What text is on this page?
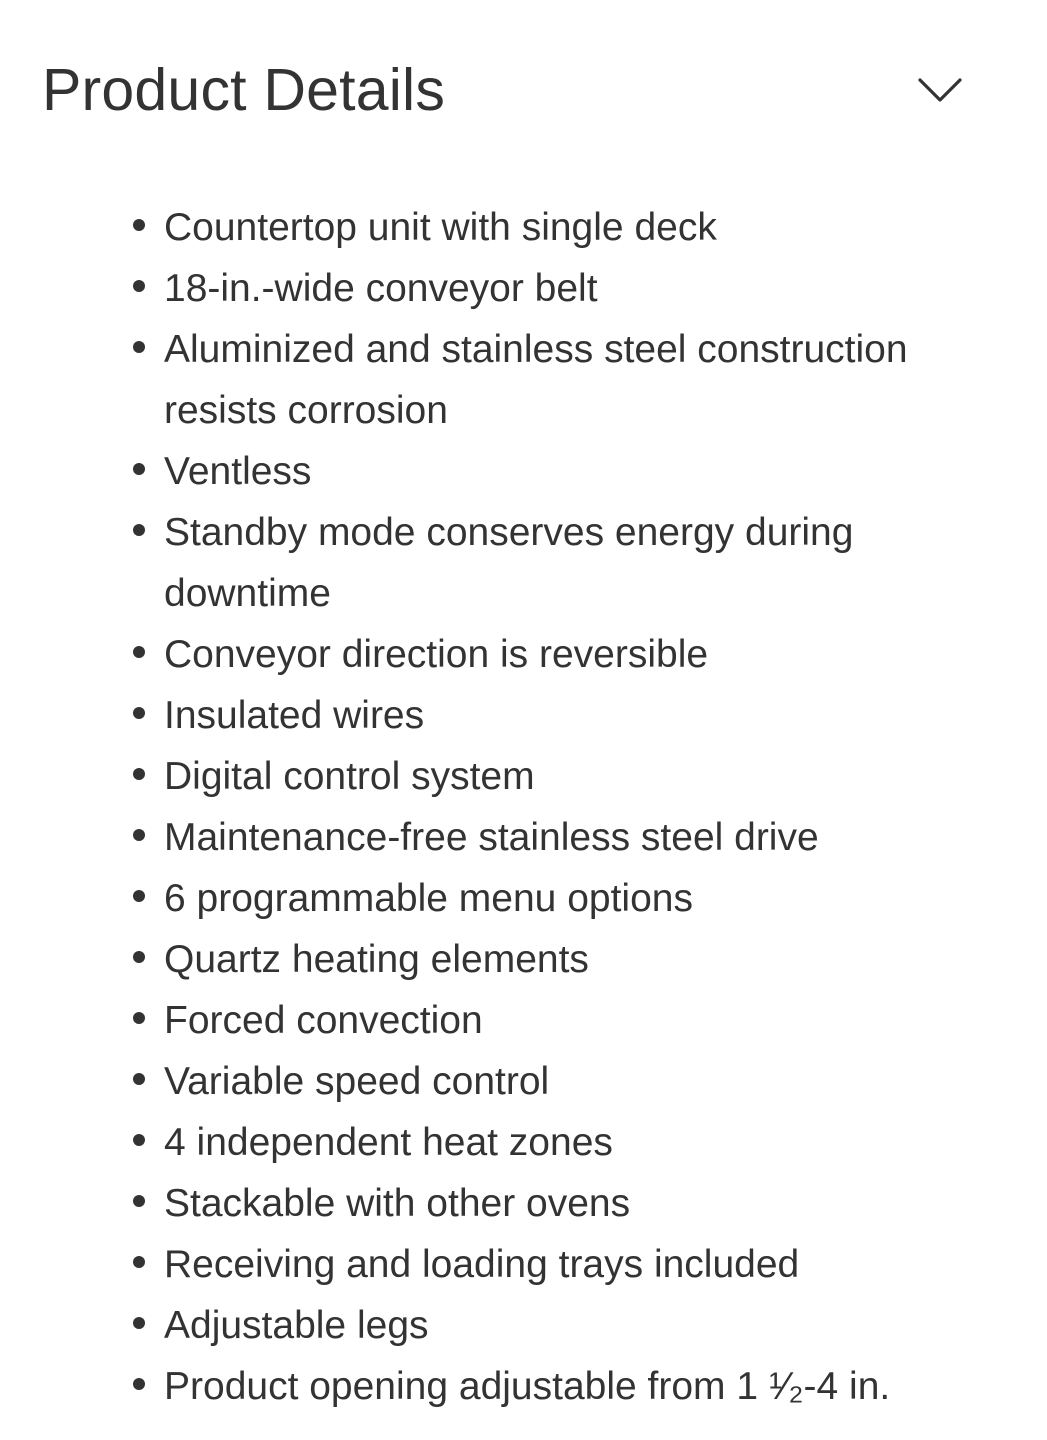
Product Details
Countertop unit with single deck
18-in.-wide conveyor belt
Aluminized and stainless steel construction resists corrosion
Ventless
Standby mode conserves energy during downtime
Conveyor direction is reversible
Insulated wires
Digital control system
Maintenance-free stainless steel drive
6 programmable menu options
Quartz heating elements
Forced convection
Variable speed control
4 independent heat zones
Stackable with other ovens
Receiving and loading trays included
Adjustable legs
Product opening adjustable from 1 ¹⁄₂-4 in.
